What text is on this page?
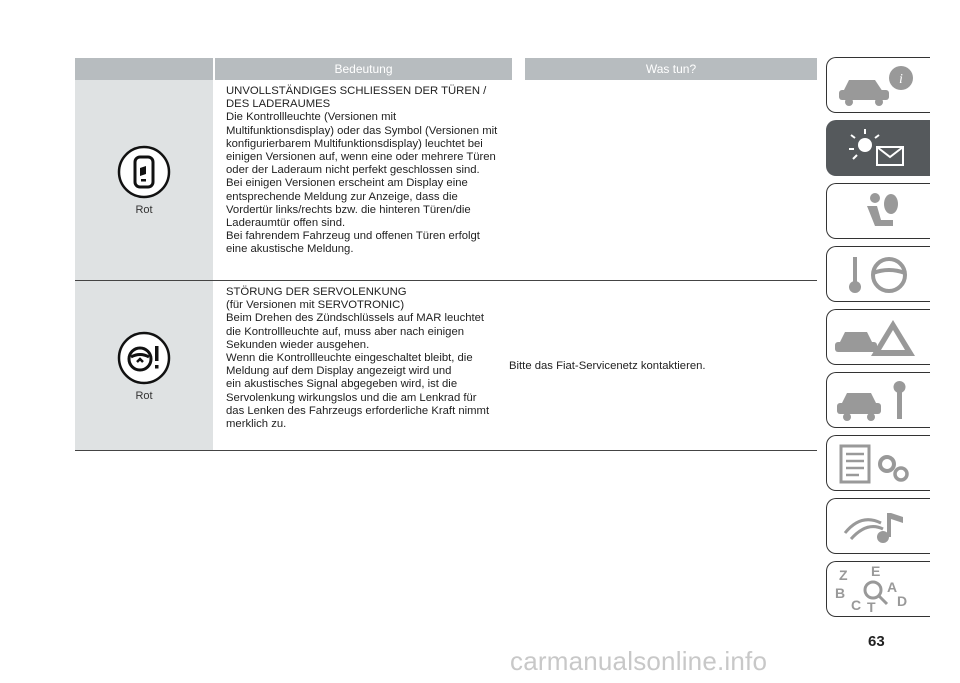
Bedeutung	Was tun?
Rot
UNVOLLSTÄNDIGES SCHLIESSEN DER TÜREN /
DES LADERAUMES
Die Kontrollleuchte (Versionen mit
Multifunktionsdisplay) oder das Symbol (Versionen mit
konfigurierbarem Multifunktionsdisplay) leuchtet bei
einigen Versionen auf, wenn eine oder mehrere Türen
oder der Laderaum nicht perfekt geschlossen sind.
Bei einigen Versionen erscheint am Display eine
entsprechende Meldung zur Anzeige, dass die
Vordertür links/rechts bzw. die hinteren Türen/die
Laderaumtür offen sind.
Bei fahrendem Fahrzeug und offenen Türen erfolgt
eine akustische Meldung.
Rot
STÖRUNG DER SERVOLENKUNG
(für Versionen mit SERVOTRONIC)
Beim Drehen des Zündschlüssels auf MAR leuchtet
die Kontrollleuchte auf, muss aber nach einigen
Sekunden wieder ausgehen.
Wenn die Kontrollleuchte eingeschaltet bleibt, die
Meldung auf dem Display angezeigt wird und
ein akustisches Signal abgegeben wird, ist die
Servolenkung wirkungslos und die am Lenkrad für
das Lenken des Fahrzeugs erforderliche Kraft nimmt
merklich zu.
Bitte das Fiat-Servicenetz kontaktieren.
i
Z E
B	A
C T D
63
carmanualsonline.info
